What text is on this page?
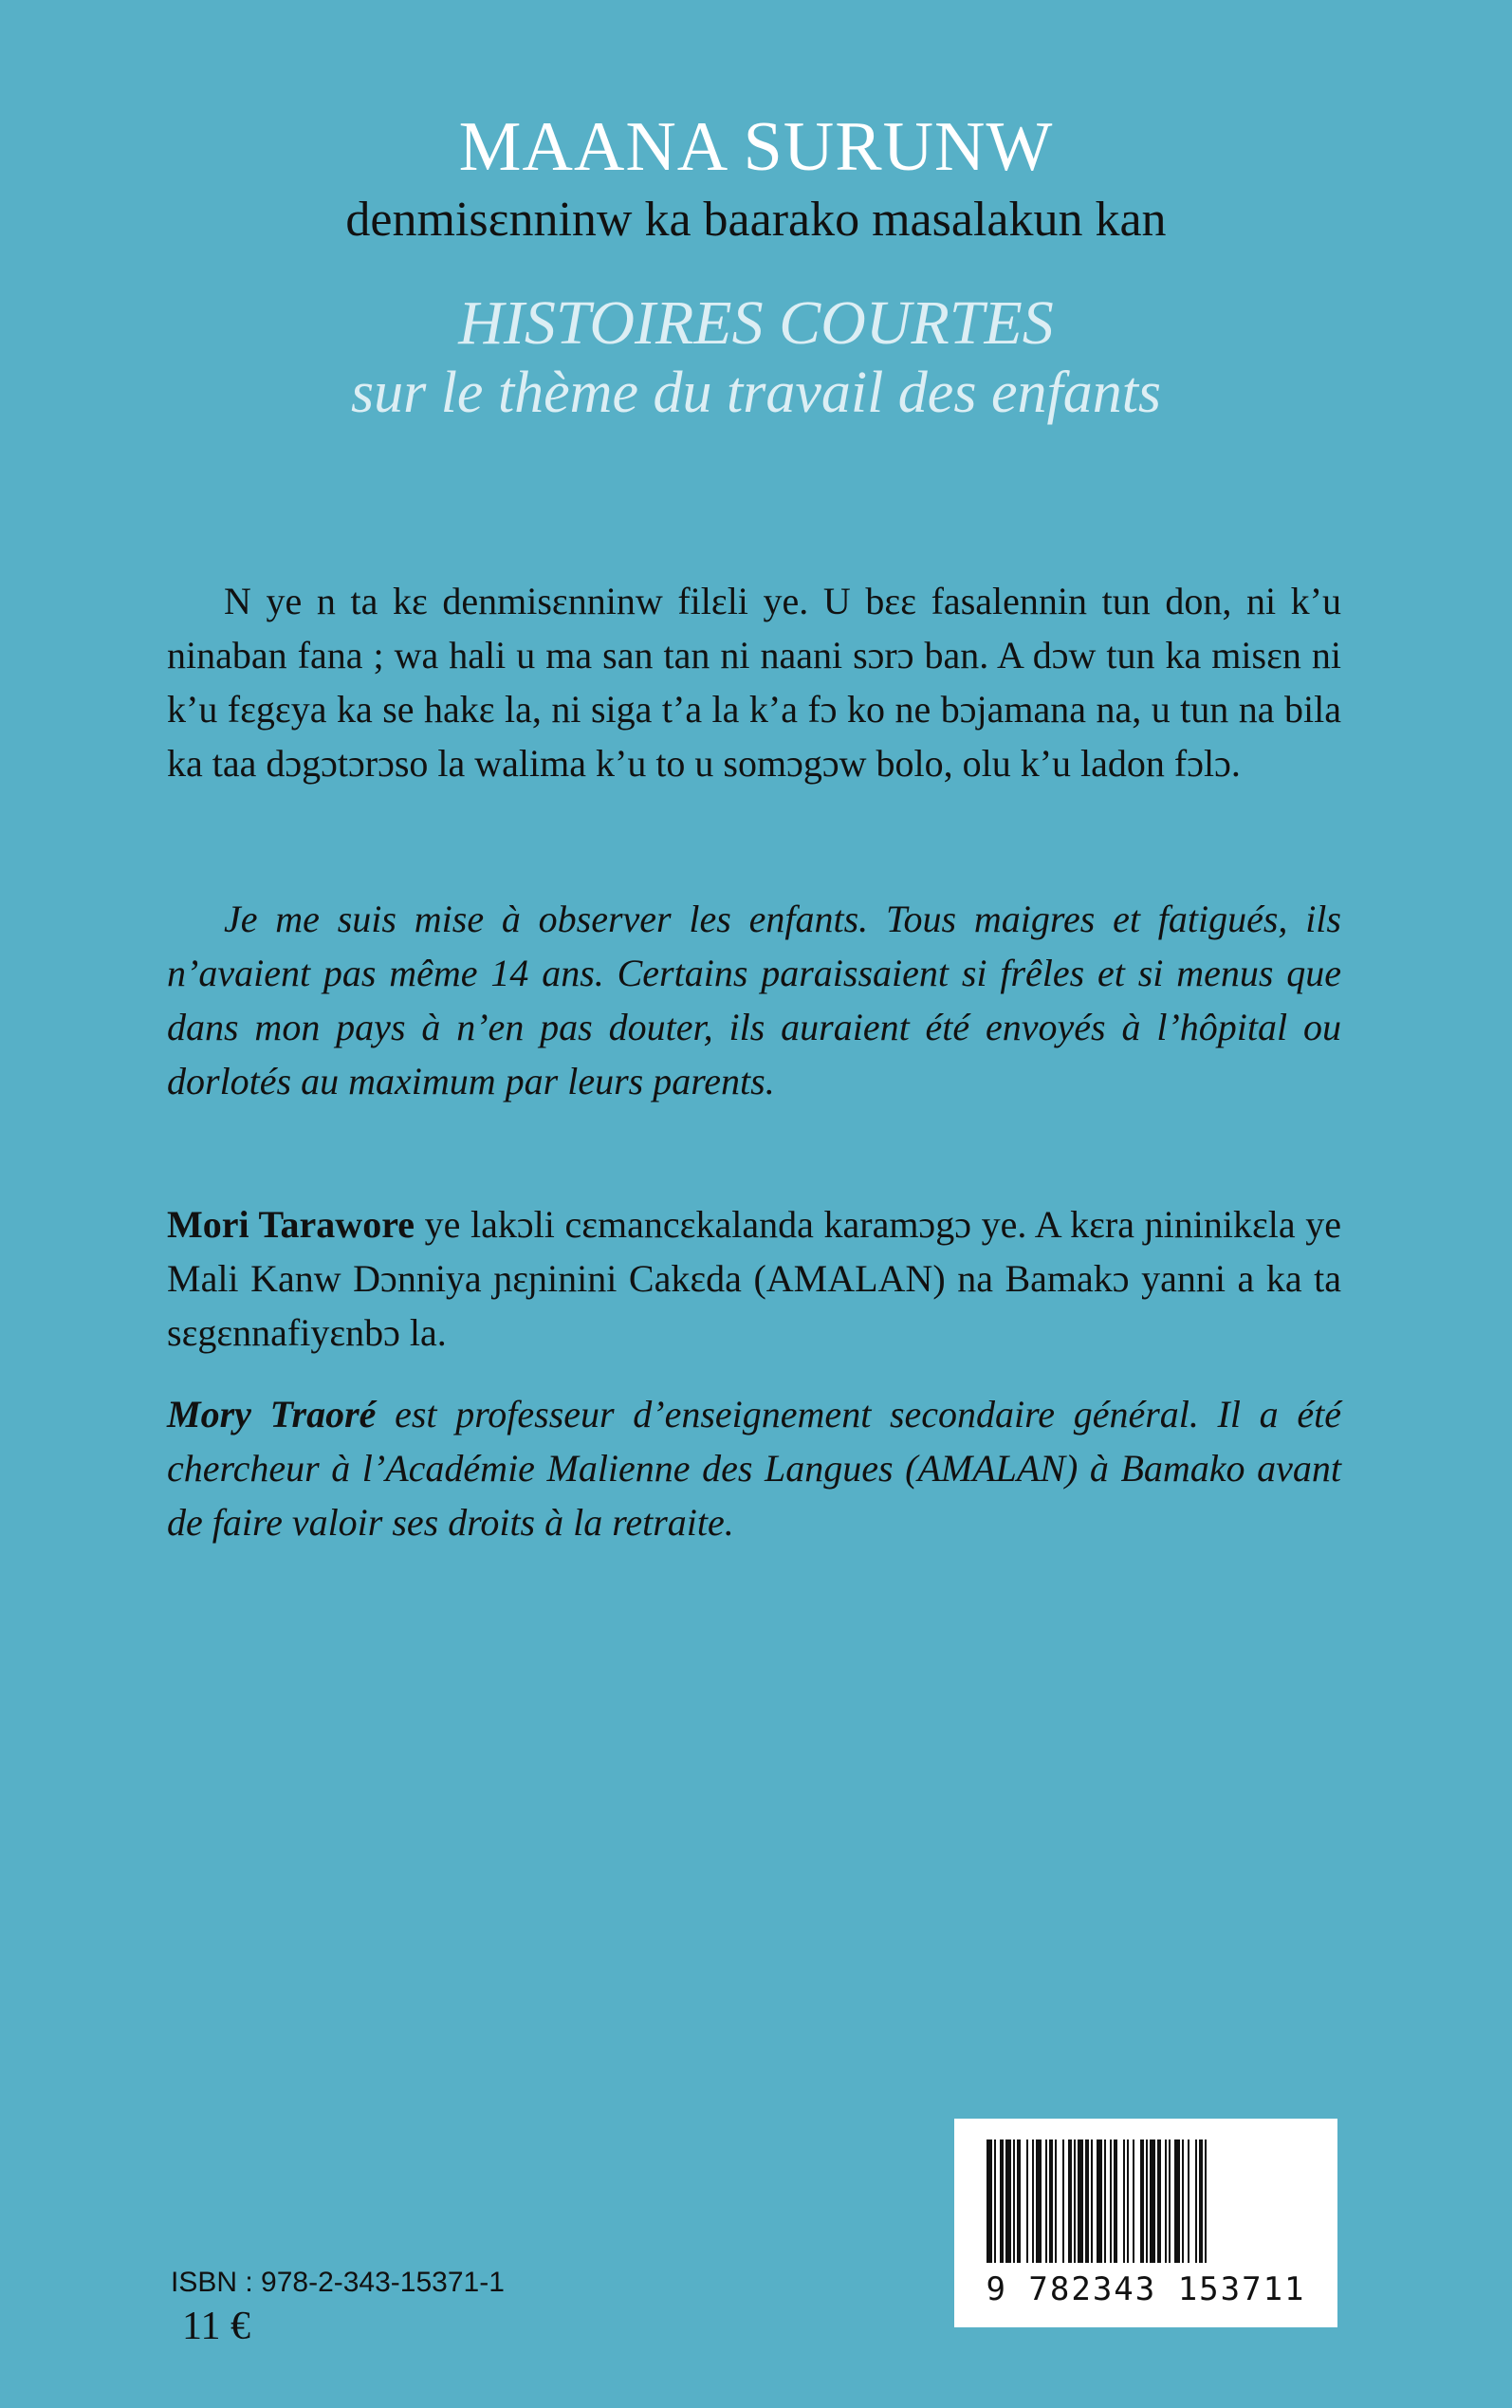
MAANA SURUNW
denmisɛnninw ka baarako masalakun kan
HISTOIRES COURTES
sur le thème du travail des enfants

N ye n ta kɛ denmisɛnninw filɛli ye. U bɛɛ fasalennin tun don, ni k’u ninaban fana ; wa hali u ma san tan ni naani sɔrɔ ban. A dɔw tun ka misɛn ni k’u fɛgɛya ka se hakɛ la, ni siga t’a la k’a fɔ ko ne bɔjamana na, u tun na bila ka taa dɔgɔtɔrɔso la walima k’u to u somɔgɔw bolo, olu k’u ladon fɔlɔ.

Je me suis mise à observer les enfants. Tous maigres et fatigués, ils n’avaient pas même 14 ans. Certains paraissaient si frêles et si menus que dans mon pays à n’en pas douter, ils auraient été envoyés à l’hôpital ou dorlotés au maximum par leurs parents.

Mori Tarawore ye lakɔli cɛmancɛkalanda karamɔgɔ ye. A kɛra ɲininikɛla ye Mali Kanw Dɔnniya ɲɛɲinini Cakɛda (AMALAN) na Bamakɔ yanni a ka ta sɛgɛnnafiyɛnbɔ la.

Mory Traoré est professeur d’enseignement secondaire général. Il a été chercheur à l’Académie Malienne des Langues (AMALAN) à Bamako avant de faire valoir ses droits à la retraite.

ISBN : 978-2-343-15371-1
11 €
9 782343 153711
